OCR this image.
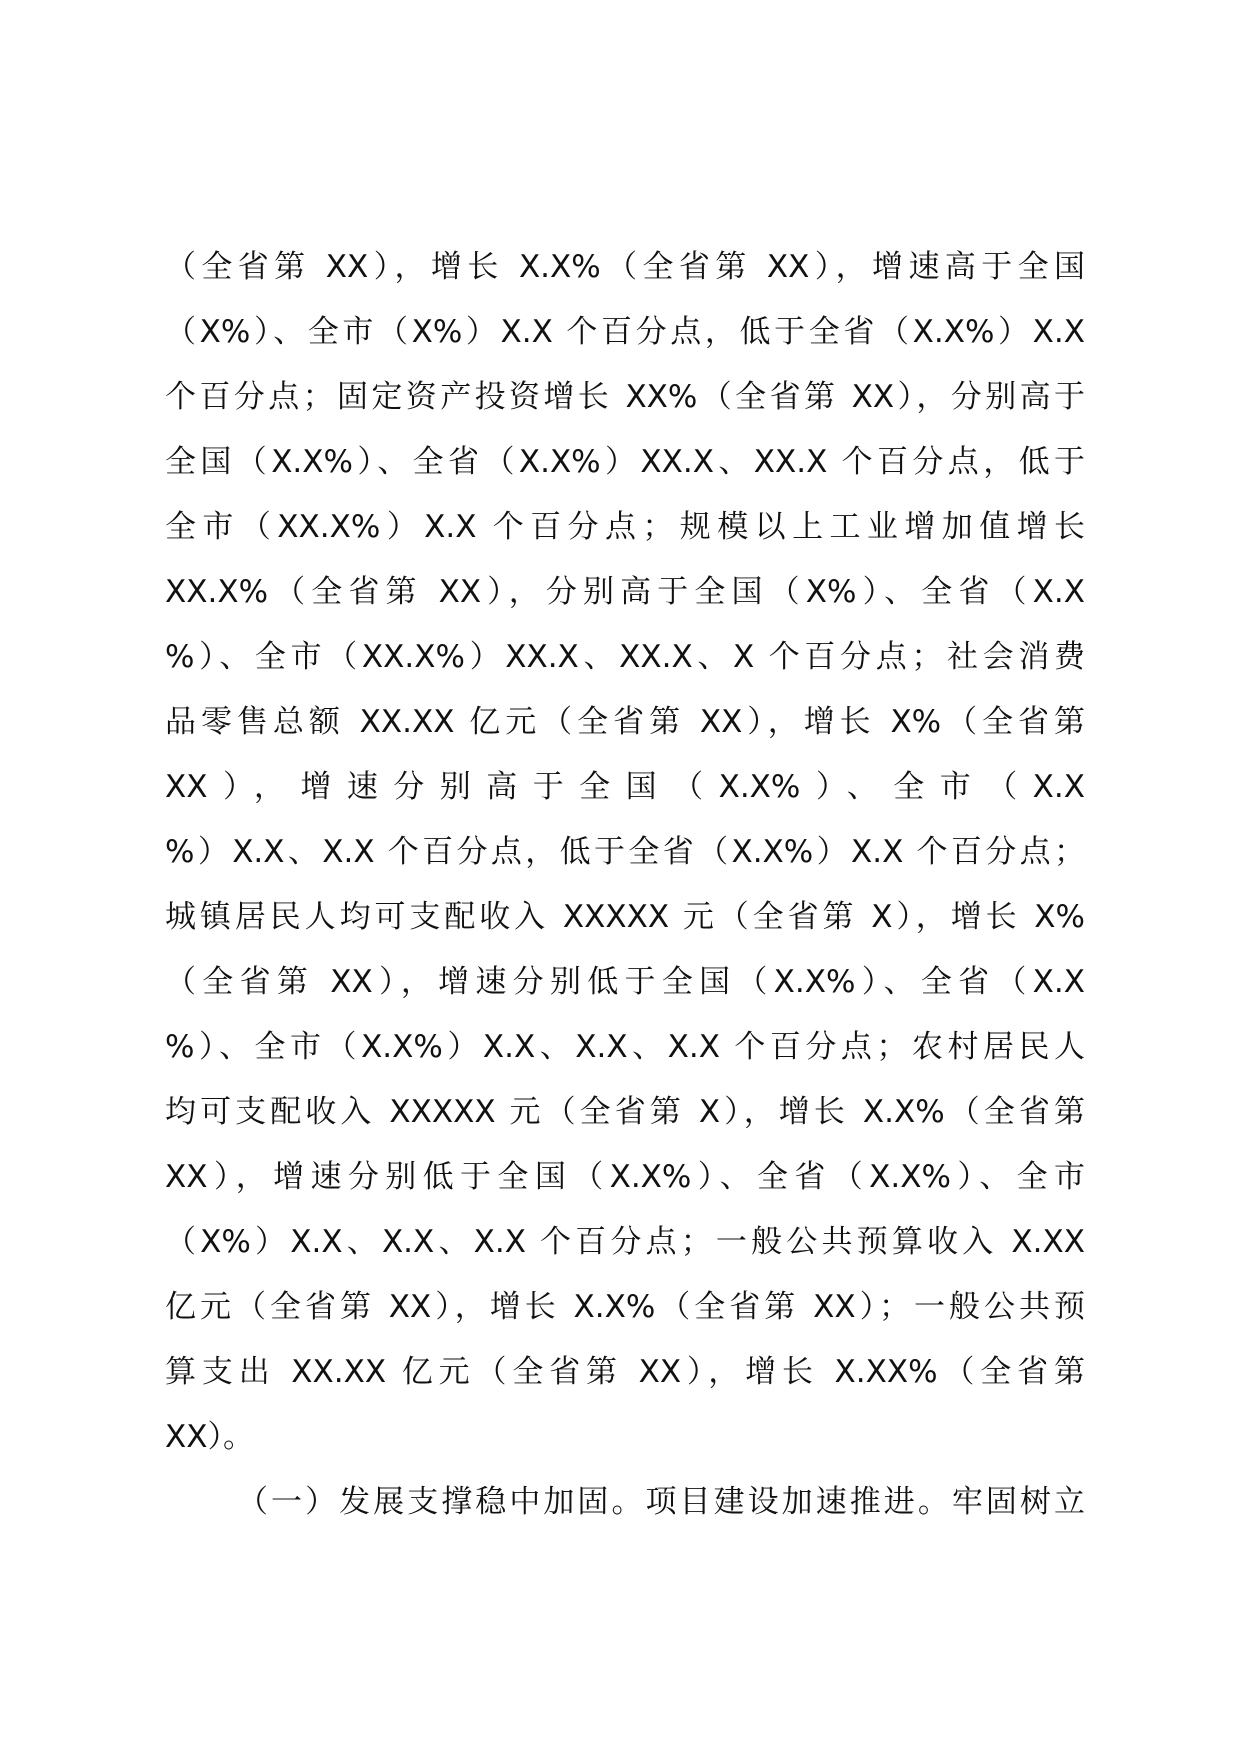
（全省第 XX），增长 X.X%（全省第 XX），增速高于全国
（X%）、全市（X%）X.X 个百分点，低于全省（X.X%）X.X
个百分点；固定资产投资增长 XX%（全省第 XX），分别高于
全国（X.X%）、全省（X.X%）XX.X、XX.X 个百分点，低于
全市（XX.X%）X.X 个百分点；规模以上工业增加值增长
XX.X%（全省第 XX），分别高于全国（X%）、全省（X.X
%）、全市（XX.X%）XX.X、XX.X、X 个百分点；社会消费
品零售总额 XX.XX 亿元（全省第 XX），增长 X%（全省第
XX），增速分别高于全国（X.X%）、全市（X.X
%）X.X、X.X 个百分点，低于全省（X.X%）X.X 个百分点；
城镇居民人均可支配收入 XXXXX 元（全省第 X），增长 X%
（全省第 XX），增速分别低于全国（X.X%）、全省（X.X
%）、全市（X.X%）X.X、X.X、X.X 个百分点；农村居民人
均可支配收入 XXXXX 元（全省第 X），增长 X.X%（全省第
XX），增速分别低于全国（X.X%）、全省（X.X%）、全市
（X%）X.X、X.X、X.X 个百分点；一般公共预算收入 X.XX
亿元（全省第 XX），增长 X.X%（全省第 XX）；一般公共预
算支出 XX.XX 亿元（全省第 XX），增长 X.XX%（全省第
XX）。
（一）发展支撑稳中加固。项目建设加速推进。牢固树立
